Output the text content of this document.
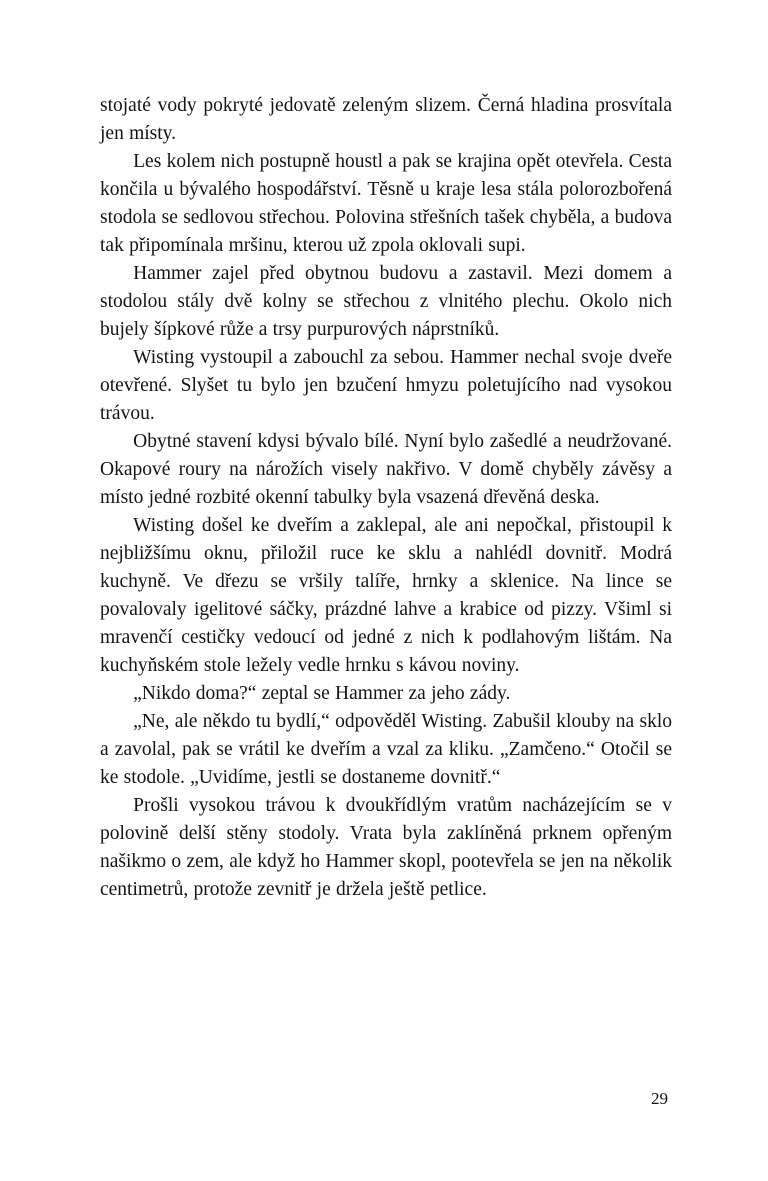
stojaté vody pokryté jedovatě zeleným slizem. Černá hladina prosvítala jen místy.

Les kolem nich postupně houstl a pak se krajina opět otevřela. Cesta končila u bývalého hospodářství. Těsně u kraje lesa stála polorozbořená stodola se sedlovou střechou. Polovina střešních tašek chyběla, a budova tak připomínala mršinu, kterou už zpola oklovali supi.

Hammer zajel před obytnou budovu a zastavil. Mezi domem a stodolou stály dvě kolny se střechou z vlnitého plechu. Okolo nich bujely šípkové růže a trsy purpurových náprstníků.

Wisting vystoupil a zabouchl za sebou. Hammer nechal svoje dveře otevřené. Slyšet tu bylo jen bzučení hmyzu poletujícího nad vysokou trávou.

Obytné stavení kdysi bývalo bílé. Nyní bylo zašedlé a neudržované. Okapové roury na nárožích visely nakřivo. V domě chyběly závěsy a místo jedné rozbité okenní tabulky byla vsazená dřevěná deska.

Wisting došel ke dveřím a zaklepal, ale ani nepočkal, přistoupil k nejbližšímu oknu, přiložil ruce ke sklu a nahlédl dovnitř. Modrá kuchyně. Ve dřezu se vršily talíře, hrnky a sklenice. Na lince se povalovaly igelitové sáčky, prázdné lahve a krabice od pizzy. Všiml si mravenčí cestičky vedoucí od jedné z nich k podlahovým lištám. Na kuchyňském stole ležely vedle hrnku s kávou noviny.

„Nikdo doma?“ zeptal se Hammer za jeho zády.

„Ne, ale někdo tu bydlí,“ odpověděl Wisting. Zabušil klouby na sklo a zavolal, pak se vrátil ke dveřím a vzal za kliku. „Zamčeno.“ Otočil se ke stodole. „Uvidíme, jestli se dostaneme dovnitř.“

Prošli vysokou trávou k dvoukřídlým vratům nacházejícím se v polovině delší stěny stodoly. Vrata byla zaklíněná prknem opřeným našikmo o zem, ale když ho Hammer skopl, pootevřela se jen na několik centimetrů, protože zevnitř je držela ještě petlice.

29
